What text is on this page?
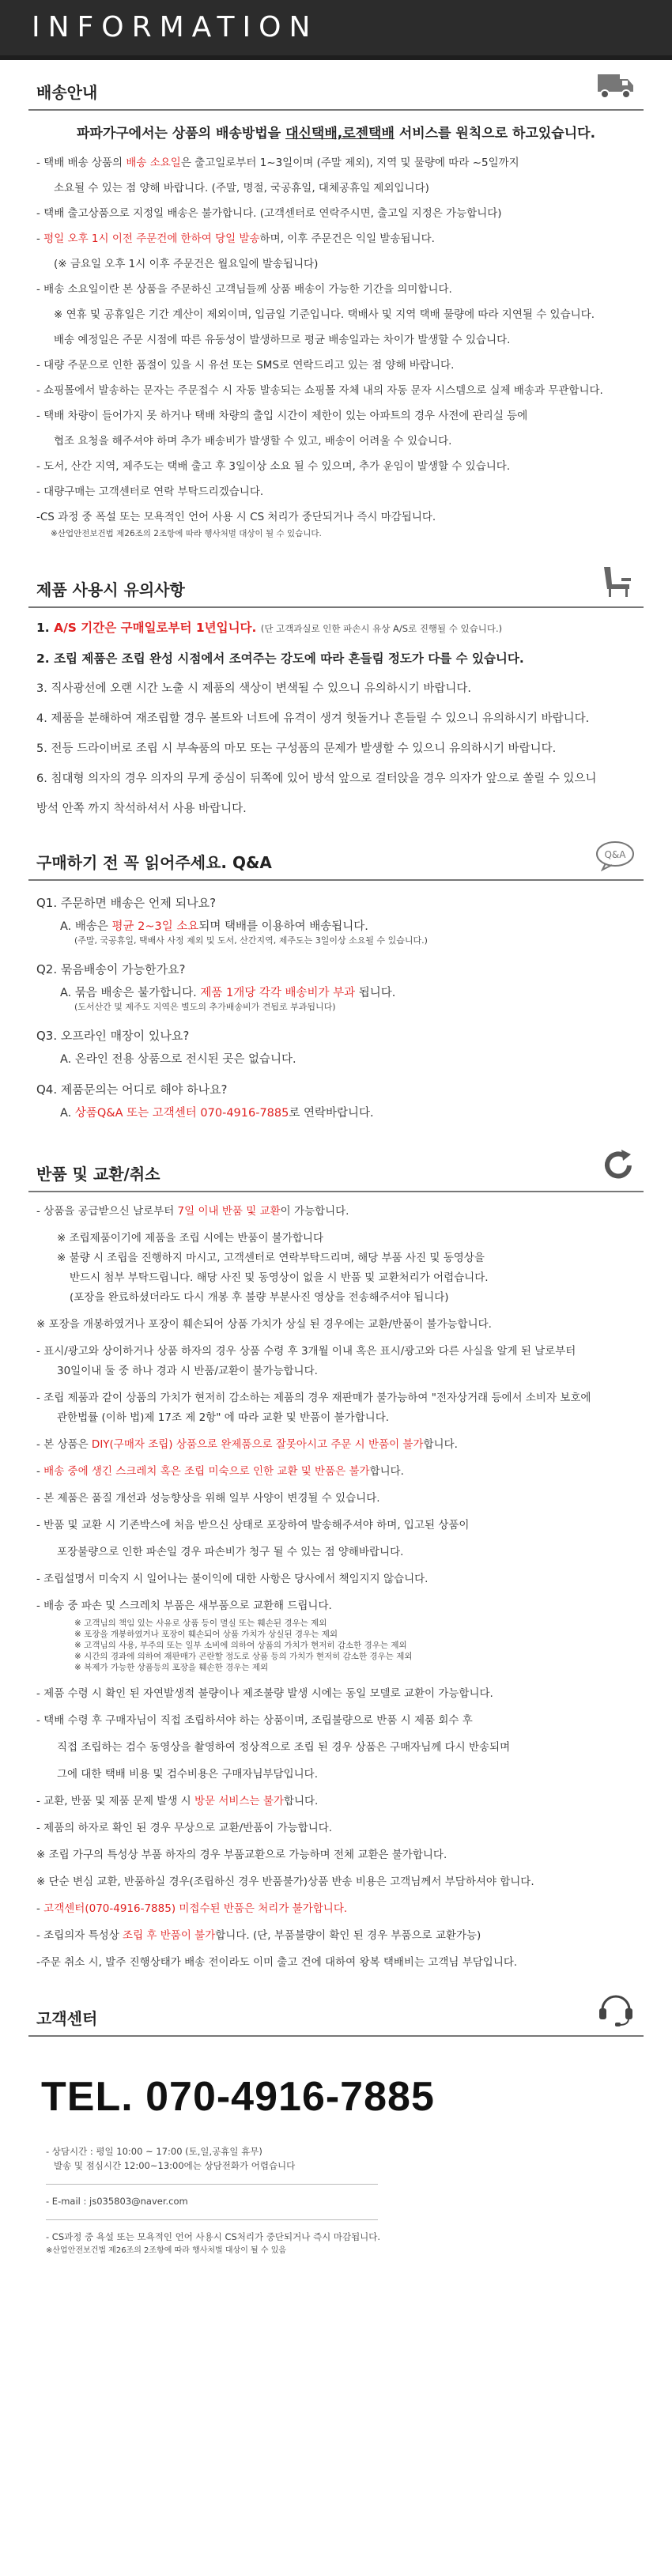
INFORMATION
배송안내
파파가구에서는 상품의 배송방법을 대신택배,로젠택배 서비스를 원칙으로 하고있습니다.
- 택배 배송 상품의 배송 소요일은 출고일로부터 1~3일이며 (주말 제외), 지역 및 물량에 따라 ~5일까지
소요될 수 있는 점 양해 바랍니다. (주말, 명절, 국공휴일, 대체공휴일 제외입니다)
- 택배 출고상품으로 지정일 배송은 불가합니다. (고객센터로 연락주시면, 출고일 지정은 가능합니다)
- 평일 오후 1시 이전 주문건에 한하여 당일 발송하며, 이후 주문건은 익일 발송됩니다.
(※ 금요일 오후 1시 이후 주문건은 월요일에 발송됩니다)
- 배송 소요일이란 본 상품을 주문하신 고객님들께 상품 배송이 가능한 기간을 의미합니다.
※ 연휴 및 공휴일은 기간 계산이 제외이며, 입금일 기준입니다. 택배사 및 지역 택배 물량에 따라 지연될 수 있습니다.
배송 예정일은 주문 시점에 따른 유동성이 발생하므로 평균 배송일과는 차이가 발생할 수 있습니다.
- 대량 주문으로 인한 품절이 있을 시 유선 또는 SMS로 연락드리고 있는 점 양해 바랍니다.
- 쇼핑몰에서 발송하는 문자는 주문접수 시 자동 발송되는 쇼핑몰 자체 내의 자동 문자 시스템으로 실제 배송과 무관합니다.
- 택배 차량이 들어가지 못 하거나 택배 차량의 출입 시간이 제한이 있는 아파트의 경우 사전에 관리실 등에
협조 요청을 해주셔야 하며 추가 배송비가 발생할 수 있고, 배송이 어려울 수 있습니다.
- 도서, 산간 지역, 제주도는 택배 출고 후 3일이상 소요 될 수 있으며, 추가 운임이 발생할 수 있습니다.
- 대량구매는 고객센터로 연락 부탁드리겠습니다.
-CS 과정 중 폭설 또는 모욕적인 언어 사용 시 CS 처리가 중단되거나 즉시 마감됩니다.
※산업안전보건법 제26조의 2조항에 따라 행사처벌 대상이 될 수 있습니다.
제품 사용시 유의사항
1. A/S 기간은 구매일로부터 1년입니다. (단 고객과실로 인한 파손시 유상 A/S로 진행될 수 있습니다.)
2. 조립 제품은 조립 완성 시점에서 조여주는 강도에 따라 흔들림 정도가 다를 수 있습니다.
3. 직사광선에 오랜 시간 노출 시 제품의 색상이 변색될 수 있으니 유의하시기 바랍니다.
4. 제품을 분해하여 재조립할 경우 볼트와 너트에 유격이 생겨 헛돌거나 흔들릴 수 있으니 유의하시기 바랍니다.
5. 전등 드라이버로 조립 시 부속품의 마모 또는 구성품의 문제가 발생할 수 있으니 유의하시기 바랍니다.
6. 침대형 의자의 경우 의자의 무게 중심이 뒤쪽에 있어 방석 앞으로 걸터앉을 경우 의자가 앞으로 쏠릴 수 있으니
방석 안쪽 까지 착석하셔서 사용 바랍니다.
구매하기 전 꼭 읽어주세요. Q&A	Q&A
Q1. 주문하면 배송은 언제 되나요?
A. 배송은 평균 2~3일 소요되며 택배를 이용하여 배송됩니다.
(주말, 국공휴일, 택배사 사정 제외 및 도서, 산간지역, 제주도는 3일이상 소요될 수 있습니다.)
Q2. 묶음배송이 가능한가요?
A. 묶음 배송은 불가합니다. 제품 1개당 각각 배송비가 부과 됩니다.
(도서산간 및 제주도 지역은 별도의 추가배송비가 견됩로 부과됩니다)
Q3. 오프라인 매장이 있나요?
A. 온라인 전용 상품으로 전시된 곳은 없습니다.
Q4. 제품문의는 어디로 해야 하나요?
A. 상품Q&A 또는 고객센터 070-4916-7885로 연락바랍니다.
반품 및 교환/취소
- 상품을 공급받으신 날로부터 7일 이내 반품 및 교환이 가능합니다.
※ 조립제품이기에 제품을 조립 시에는 반품이 불가합니다
※ 불량 시 조립을 진행하지 마시고, 고객센터로 연락부탁드리며, 해당 부품 사진 및 동영상을
반드시 첨부 부탁드립니다. 해당 사진 및 동영상이 없을 시 반품 및 교환처리가 어렵습니다.
(포장을 완료하셨더라도 다시 개봉 후 불량 부분사진 영상을 전송해주셔야 됩니다)
※ 포장을 개봉하였거나 포장이 훼손되어 상품 가치가 상실 된 경우에는 교환/반품이 불가능합니다.
- 표시/광고와 상이하거나 상품 하자의 경우 상품 수령 후 3개월 이내 혹은 표시/광고와 다른 사실을 알게 된 날로부터
30일이내 둘 중 하나 경과 시 반품/교환이 불가능합니다.
- 조립 제품과 같이 상품의 가치가 현저히 감소하는 제품의 경우 재판매가 불가능하여 "전자상거래 등에서 소비자 보호에
관한법률 (이하 법)제 17조 제 2항" 에 따라 교환 및 반품이 불가합니다.
- 본 상품은 DIY(구매자 조립) 상품으로 완제품으로 잘못아시고 주문 시 반품이 불가합니다.
- 배송 중에 생긴 스크레치 혹은 조립 미숙으로 인한 교환 및 반품은 불가합니다.
- 본 제품은 품질 개선과 성능향상을 위해 일부 사양이 변경될 수 있습니다.
- 반품 및 교환 시 기존박스에 처음 받으신 상태로 포장하여 발송해주셔야 하며, 입고된 상품이
포장불량으로 인한 파손일 경우 파손비가 청구 될 수 있는 점 양해바랍니다.
- 조립설명서 미숙지 시 일어나는 불이익에 대한 사항은 당사에서 책임지지 않습니다.
- 배송 중 파손 및 스크레치 부품은 새부품으로 교환해 드립니다.
※ 고객님의 책임 있는 사유로 상품 등이 멸실 또는 훼손된 경우는 제외
※ 포장을 개봉하였거나 포장이 훼손되어 상품 가치가 상실된 경우는 제외
※ 고객님의 사용, 부주의 또는 일부 소비에 의하여 상품의 가치가 현저히 감소한 경우는 제외
※ 시간의 경과에 의하여 재판매가 곤란할 정도로 상품 등의 가치가 현저히 감소한 경우는 제외
※ 복제가 가능한 상품등의 포장을 훼손한 경우는 제외
- 제품 수령 시 확인 된 자연발생적 불량이나 제조불량 발생 시에는 동일 모델로 교환이 가능합니다.
- 택배 수령 후 구매자님이 직접 조립하셔야 하는 상품이며, 조립불량으로 반품 시 제품 회수 후
직접 조립하는 검수 동영상을 촬영하여 정상적으로 조립 된 경우 상품은 구매자님께 다시 반송되며
그에 대한 택배 비용 및 검수비용은 구매자님부담입니다.
- 교환, 반품 및 제품 문제 발생 시 방문 서비스는 불가합니다.
- 제품의 하자로 확인 된 경우 무상으로 교환/반품이 가능합니다.
※ 조립 가구의 특성상 부품 하자의 경우 부품교환으로 가능하며 전체 교환은 불가합니다.
※ 단순 변심 교환, 반품하실 경우(조립하신 경우 반품불가)상품 반송 비용은 고객님께서 부담하셔야 합니다.
- 고객센터(070-4916-7885) 미접수된 반품은 처리가 불가합니다.
- 조립의자 특성상 조립 후 반품이 불가합니다. (단, 부품불량이 확인 된 경우 부품으로 교환가능)
-주문 취소 시, 발주 진행상태가 배송 전이라도 이미 출고 건에 대하여 왕복 택배비는 고객님 부담입니다.
고객센터
TEL. 070-4916-7885
- 상담시간 : 평일 10:00 ~ 17:00 (토,일,공휴일 휴무)
발송 및 점심시간 12:00~13:00에는 상담전화가 어렵습니다
- E-mail : js035803@naver.com
- CS과정 중 욕설 또는 모욕적인 언어 사용시 CS처리가 중단되거나 즉시 마감됩니다.
※산업안전보건법 제26조의 2조항에 따라 행사처벌 대상이 될 수 있음
